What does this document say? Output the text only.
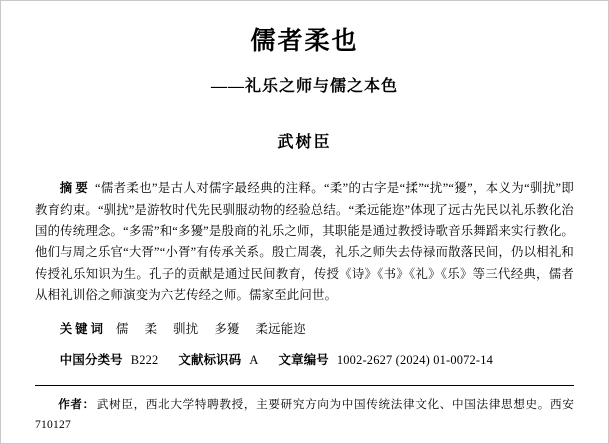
儒者柔也
——礼乐之师与儒之本色
武树臣
摘要 “儒者柔也”是古人对儒字最经典的注释。“柔”的古字是“揉”“扰”“獶”，本义为“驯扰”即教育约束。“驯扰”是游牧时代先民驯服动物的经验总结。“柔远能迩”体现了远古先民以礼乐教化治国的传统理念。“多需”和“多獶”是殷商的礼乐之师，其职能是通过教授诗歌音乐舞蹈来实行教化。他们与周之乐官“大胥”“小胥”有传承关系。殷亡周袭，礼乐之师失去侍禄而散落民间，仍以相礼和传授礼乐知识为生。孔子的贡献是通过民间教育，传授《诗》《书》《礼》《乐》等三代经典，儒者从相礼训俗之师演变为六艺传经之师。儒家至此问世。
关键词 儒 柔 驯扰 多獶 柔远能迩
中国分类号 B222 文献标识码 A 文章编号 1002-2627 (2024) 01-0072-14
作者： 武树臣，西北大学特聘教授，主要研究方向为中国传统法律文化、中国法律思想史。西安 710127
